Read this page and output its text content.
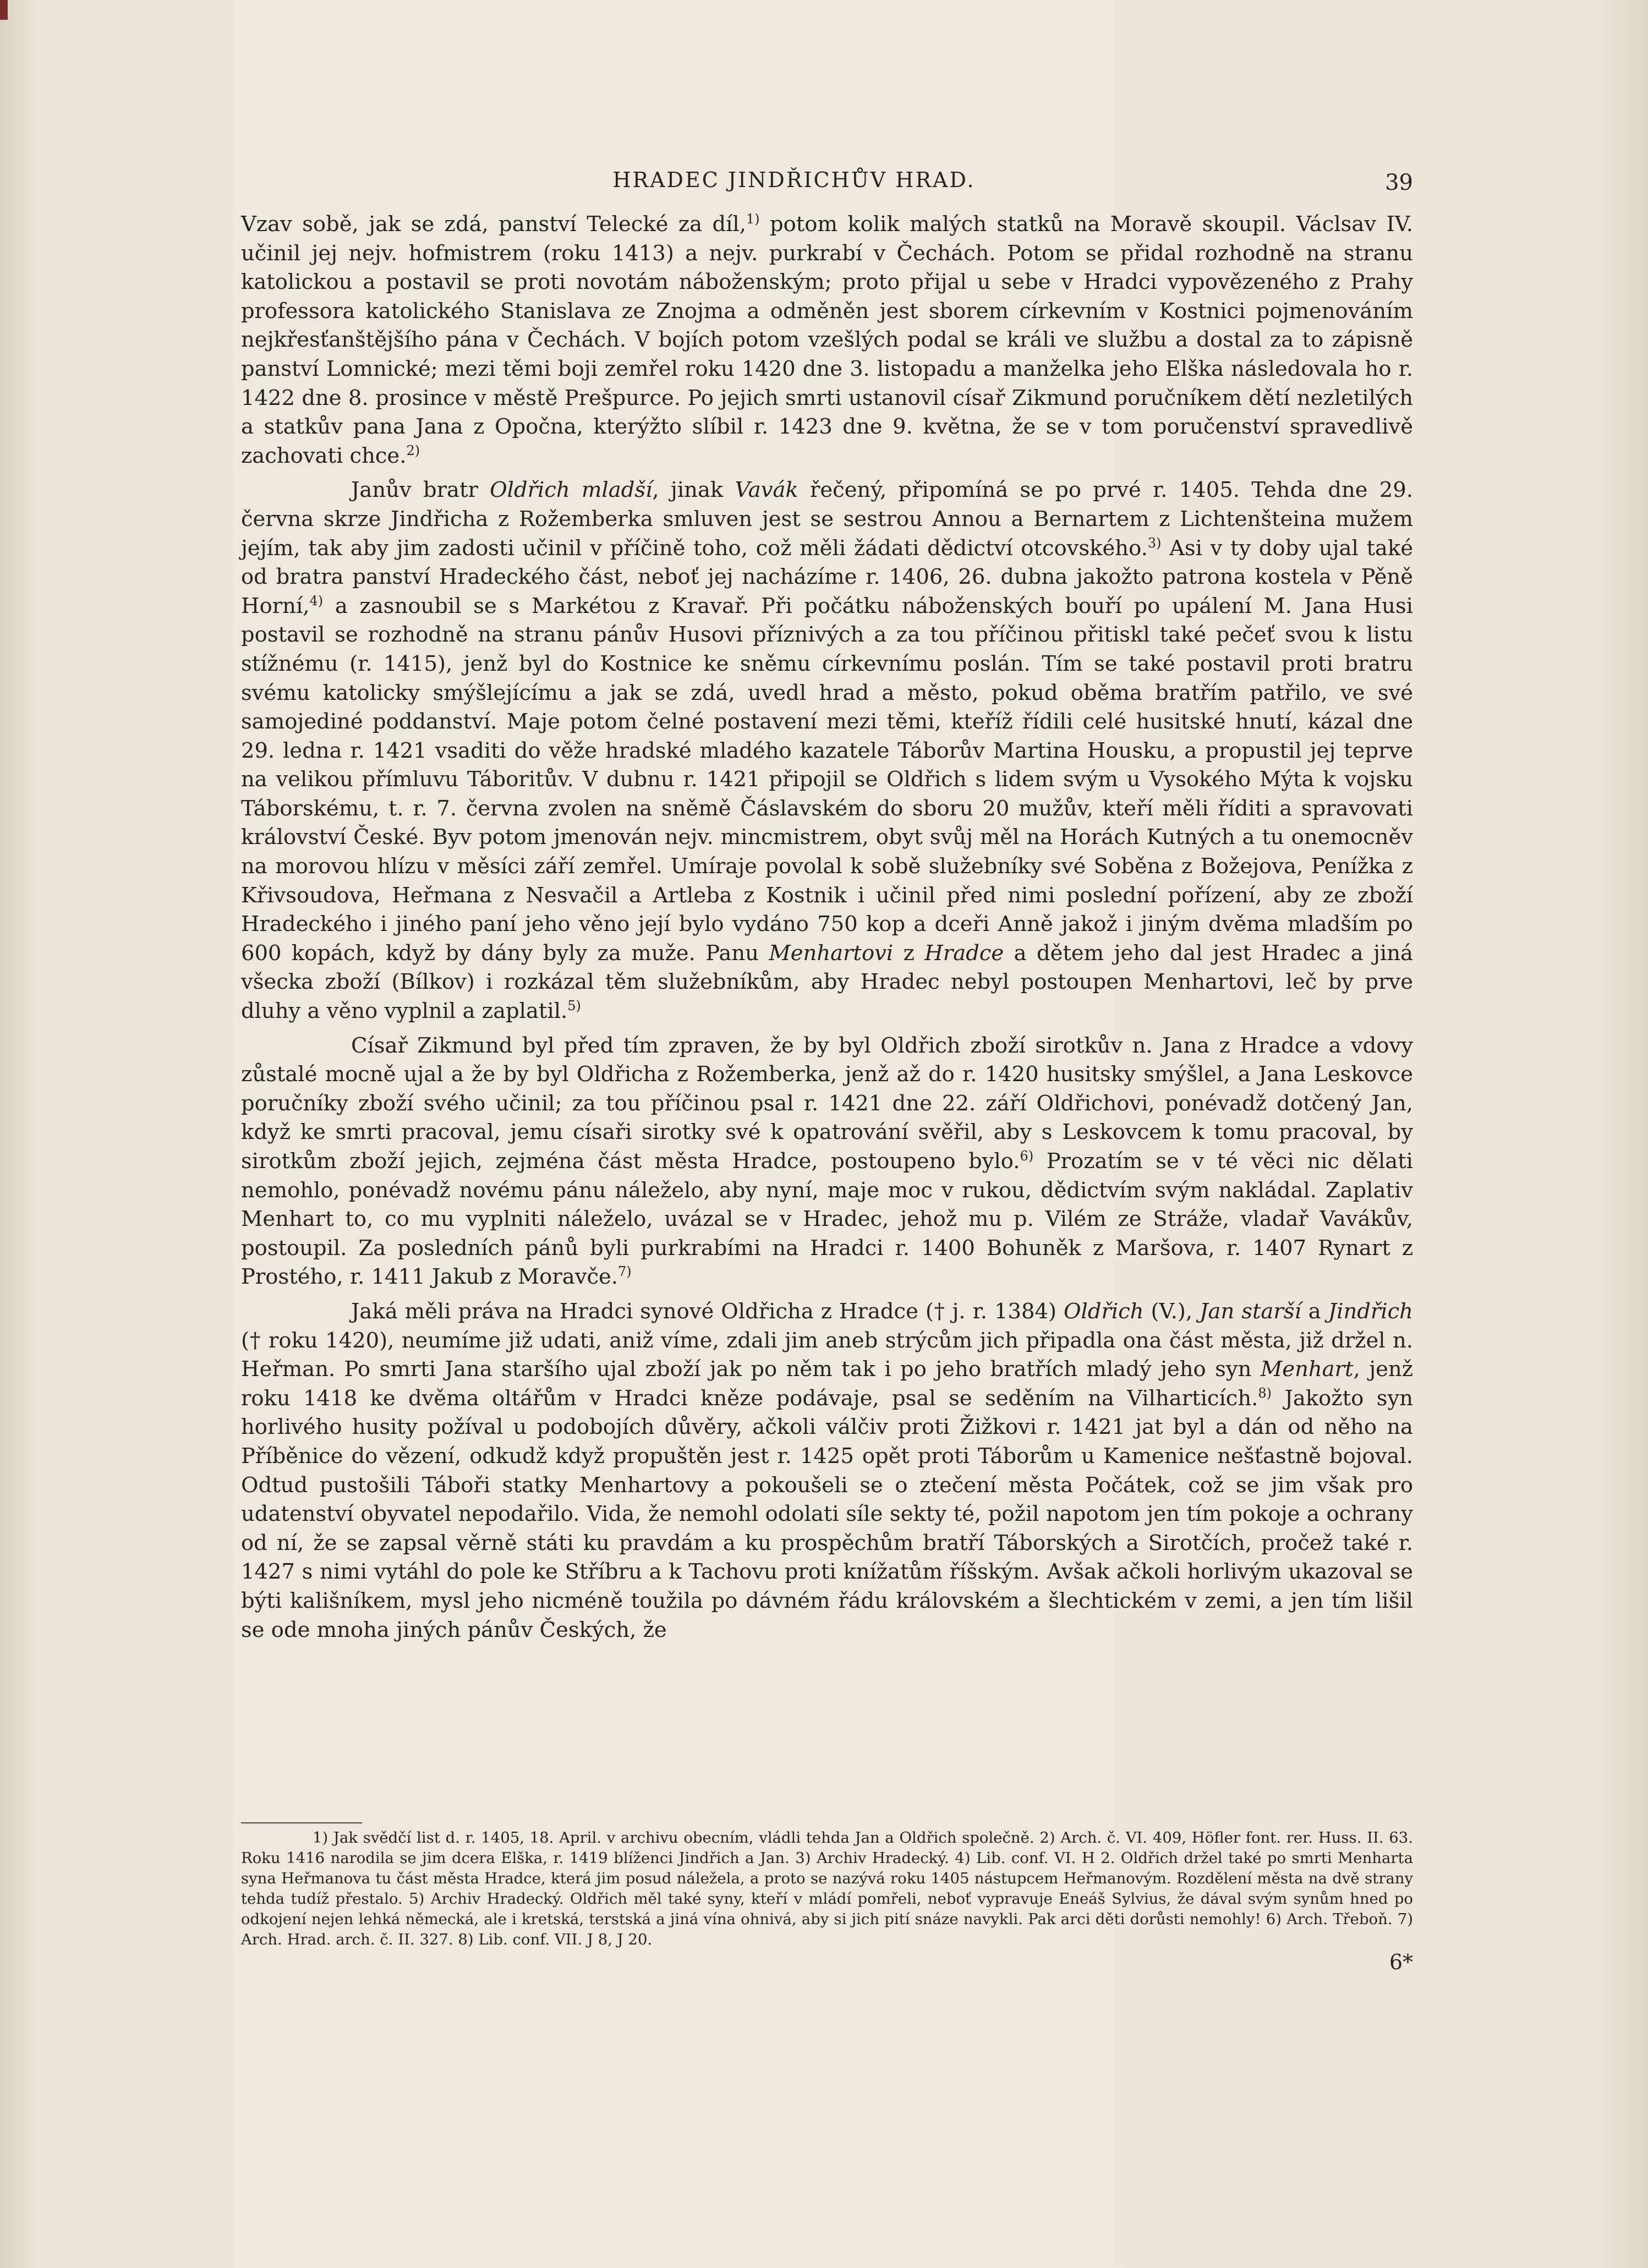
HRADEC JINDŘICHŮV HRAD.	39

Vzav sobě, jak se zdá, panství Telecké za díl,$^{1)}$ potom kolik malých statků na Moravě skoupil. Václsav IV. učinil jej nejv. hofmistrem (roku 1413) a nejv. purkrabí v Čechách. Potom se přidal rozhodně na stranu katolickou a postavil se proti novotám náboženským; proto přijal u sebe v Hradci vypovězeného z Prahy professora katolického Stanislava ze Znojma a odměněn jest sborem církevním v Kostnici pojmenováním nejkřesťanštějšího pána v Čechách. V bojích potom vzešlých podal se králi ve službu a dostal za to zápisně panství Lomnické; mezi těmi boji zemřel roku 1420 dne 3. listopadu a manželka jeho Elška následovala ho r. 1422 dne 8. prosince v městě Prešpurce. Po jejich smrti ustanovil císař Zikmund poručníkem dětí nezletilých a statkův pana Jana z Opočna, kterýžto slíbil r. 1423 dne 9. května, že se v tom poručenství spravedlivě zachovati chce.$^{2)}$

Janův bratr Oldřich mladší, jinak Vavák řečený, připomíná se po prvé r. 1405. Tehda dne 29. června skrze Jindřicha z Rožemberka smluven jest se sestrou Annou a Bernartem z Lichtenšteina mužem jejím, tak aby jim zadosti učinil v příčině toho, což měli žádati dědictví otcovského.$^{3)}$ Asi v ty doby ujal také od bratra panství Hradeckého část, neboť jej nacházíme r. 1406, 26. dubna jakožto patrona kostela v Pěně Horní,$^{4)}$ a zasnoubil se s Markétou z Kravař. Při počátku náboženských bouří po upálení M. Jana Husi postavil se rozhodně na stranu pánův Husovi příznivých a za tou příčinou přitiskl také pečeť svou k listu stížnému (r. 1415), jenž byl do Kostnice ke sněmu církevnímu poslán. Tím se také postavil proti bratru svému katolicky smýšlejícímu a jak se zdá, uvedl hrad a město, pokud oběma bratřím patřilo, ve své samojediné poddanství. Maje potom čelné postavení mezi těmi, kteříž řídili celé husitské hnutí, kázal dne 29. ledna r. 1421 vsaditi do věže hradské mladého kazatele Táborův Martina Housku, a propustil jej teprve na velikou přímluvu Táboritův. V dubnu r. 1421 připojil se Oldřich s lidem svým u Vysokého Mýta k vojsku Táborskému, t. r. 7. června zvolen na sněmě Čáslavském do sboru 20 mužův, kteří měli říditi a spravovati království České. Byv potom jmenován nejv. mincmistrem, obyt svůj měl na Horách Kutných a tu onemocněv na morovou hlízu v měsíci září zemřel. Umíraje povolal k sobě služebníky své Soběna z Božejova, Penížka z Křivsoudova, Heřmana z Nesvačil a Artleba z Kostnik i učinil před nimi poslední pořízení, aby ze zboží Hradeckého i jiného paní jeho věno její bylo vydáno 750 kop a dceři Anně jakož i jiným dvěma mladším po 600 kopách, když by dány byly za muže. Panu Menhartovi z Hradce a dětem jeho dal jest Hradec a jiná všecka zboží (Bílkov) i rozkázal těm služebníkům, aby Hradec nebyl postoupen Menhartovi, leč by prve dluhy a věno vyplnil a zaplatil.$^{5)}$

Císař Zikmund byl před tím zpraven, že by byl Oldřich zboží sirotkův n. Jana z Hradce a vdovy zůstalé mocně ujal a že by byl Oldřicha z Rožemberka, jenž až do r. 1420 husitsky smýšlel, a Jana Leskovce poručníky zboží svého učinil; za tou příčinou psal r. 1421 dne 22. září Oldřichovi, ponévadž dotčený Jan, když ke smrti pracoval, jemu císaři sirotky své k opatrování svěřil, aby s Leskovcem k tomu pracoval, by sirotkům zboží jejich, zejména část města Hradce, postoupeno bylo.$^{6)}$ Prozatím se v té věci nic dělati nemohlo, ponévadž novému pánu náleželo, aby nyní, maje moc v rukou, dědictvím svým nakládal. Zaplativ Menhart to, co mu vyplniti náleželo, uvázal se v Hradec, jehož mu p. Vilém ze Stráže, vladař Vavákův, postoupil. Za posledních pánů byli purkrabími na Hradci r. 1400 Bohuněk z Maršova, r. 1407 Rynart z Prostého, r. 1411 Jakub z Moravče.$^{7)}$

Jaká měli práva na Hradci synové Oldřicha z Hradce († j. r. 1384) Oldřich (V.), Jan starší a Jindřich († roku 1420), neumíme již udati, aniž víme, zdali jim aneb strýcům jich připadla ona část města, již držel n. Heřman. Po smrti Jana staršího ujal zboží jak po něm tak i po jeho bratřích mladý jeho syn Menhart, jenž roku 1418 ke dvěma oltářům v Hradci kněze podávaje, psal se seděním na Vilharticích.$^{8)}$ Jakožto syn horlivého husity požíval u podobojích důvěry, ačkoli válčiv proti Žižkovi r. 1421 jat byl a dán od něho na Příběnice do vězení, odkudž když propuštěn jest r. 1425 opět proti Táborům u Kamenice nešťastně bojoval. Odtud pustošili Tábořі statky Menhartovy a pokoušeli se o ztečení města Počátek, což se jim však pro udatenství obyvatel nepodařilo. Vida, že nemohl odolati síle sekty té, požil napotom jen tím pokoje a ochrany od ní, že se zapsal věrně státi ku pravdám a ku prospěchům bratří Táborských a Sirotčích, pročež také r. 1427 s nimi vytáhl do pole ke Stříbru a k Tachovu proti knížatům říšským. Avšak ačkoli horlivým ukazoval se býti kališníkem, mysl jeho nicméně toužila po dávném řádu královském a šlechtickém v zemi, a jen tím lišil se ode mnoha jiných pánův Českých, že

1) Jak svědčí list d. r. 1405, 18. April. v archivu obecním, vládli tehda Jan a Oldřich společně. 2) Arch. č. VI. 409, Höfler font. rer. Huss. II. 63. Roku 1416 narodila se jim dcera Elška, r. 1419 blíženci Jindřich a Jan. 3) Archiv Hradecký. 4) Lib. conf. VI. H 2. Oldřich držel také po smrti Menharta syna Heřmanova tu část města Hradce, která jim posud náležela, a proto se nazývá roku 1405 nástupcem Heřmanovým. Rozdělení města na dvě strany tehda tudíž přestalo. 5) Archiv Hradecký. Oldřich měl také syny, kteří v mládí pomřeli, neboť vypravuje Eneáš Sylvius, že dával svým synům hned po odkojení nejen lehká německá, ale i kretská, terstská a jiná vína ohnivá, aby si jich pití snáze navykli. Pak arci děti dorůsti nemohly! 6) Arch. Třeboň. 7) Arch. Hrad. arch. č. II. 327. 8) Lib. conf. VII. J 8, J 20.

6*
